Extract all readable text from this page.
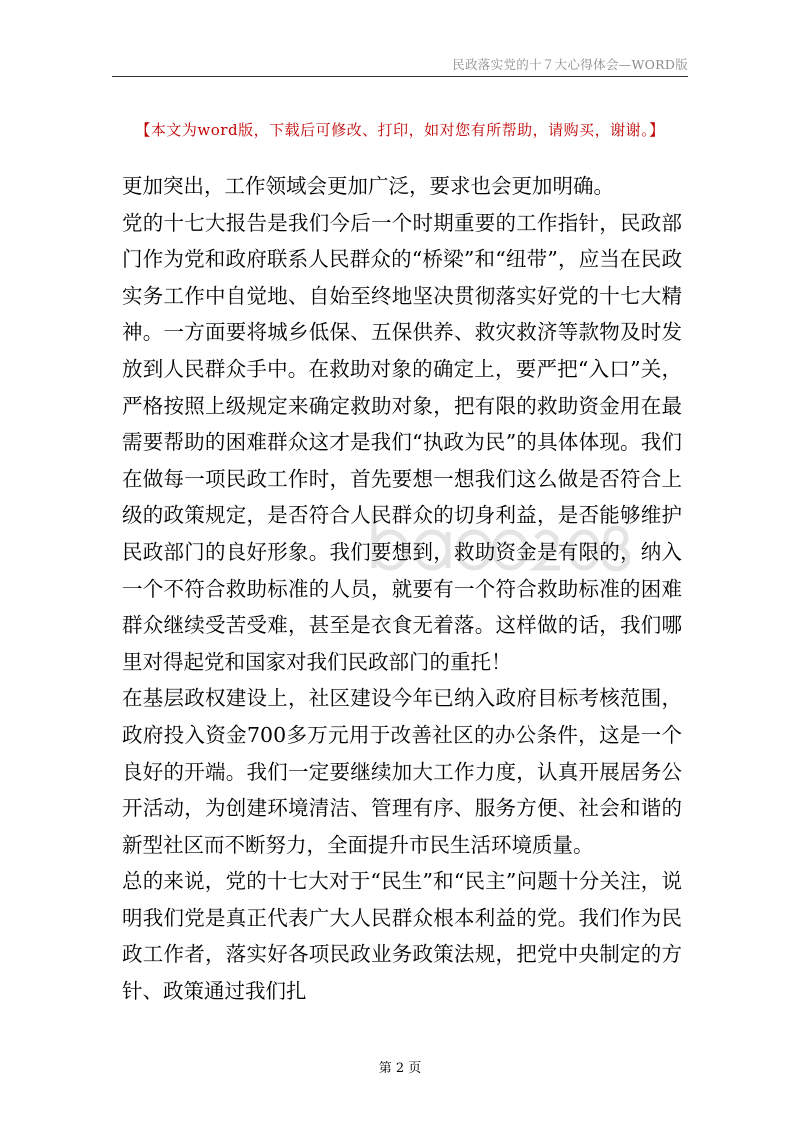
民政落实党的十７大心得体会—WORD版
【本文为word版，下载后可修改、打印，如对您有所帮助，请购买，谢谢。】

更加突出，工作领域会更加广泛，要求也会更加明确。

党的十七大报告是我们今后一个时期重要的工作指针，民政部门作为党和政府联系人民群众的“桥梁”和“纽带”，应当在民政实务工作中自觉地、自始至终地坚决贯彻落实好党的十七大精神。一方面要将城乡低保、五保供养、救灾救济等款物及时发放到人民群众手中。在救助对象的确定上，要严把“入口”关，严格按照上级规定来确定救助对象，把有限的救助资金用在最需要帮助的困难群众这才是我们“执政为民”的具体体现。我们在做每一项民政工作时，首先要想一想我们这么做是否符合上级的政策规定，是否符合人民群众的切身利益，是否能够维护民政部门的良好形象。我们要想到，救助资金是有限的，纳入一个不符合救助标准的人员，就要有一个符合救助标准的困难群众继续受苦受难，甚至是衣食无着落。这样做的话，我们哪里对得起党和国家对我们民政部门的重托！

在基层政权建设上，社区建设今年已纳入政府目标考核范围，政府投入资金700多万元用于改善社区的办公条件，这是一个良好的开端。我们一定要继续加大工作力度，认真开展居务公开活动，为创建环境清洁、管理有序、服务方便、社会和谐的新型社区而不断努力，全面提升市民生活环境质量。

总的来说，党的十七大对于“民生”和“民主”问题十分关注，说明我们党是真正代表广大人民群众根本利益的党。我们作为民政工作者，落实好各项民政业务政策法规，把党中央制定的方针、政策通过我们扎

第 2 页
